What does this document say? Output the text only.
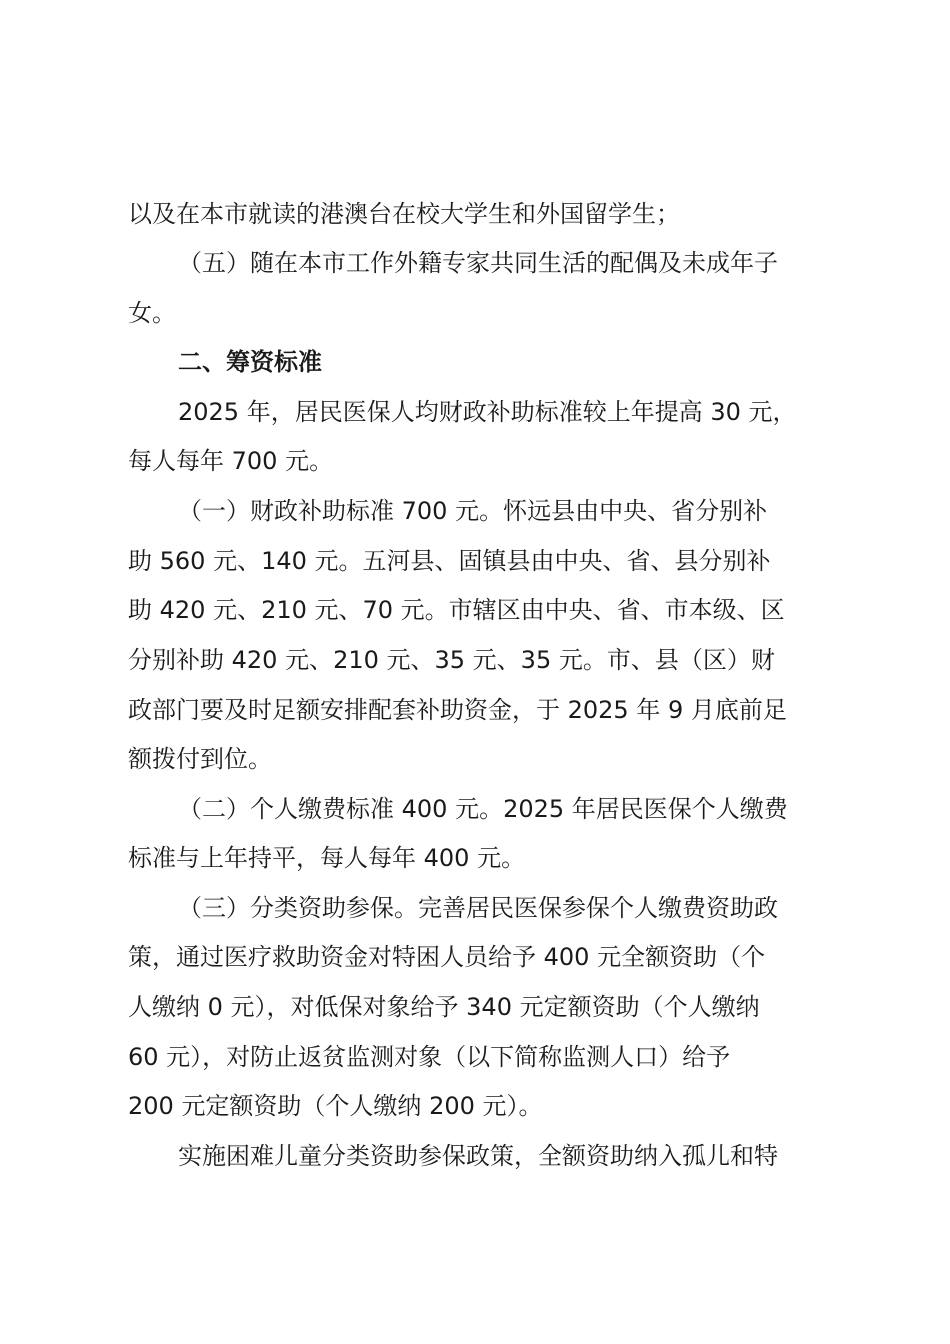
以及在本市就读的港澳台在校大学生和外国留学生；
（五）随在本市工作外籍专家共同生活的配偶及未成年子
女。
二、筹资标准
2025 年，居民医保人均财政补助标准较上年提高 30 元，
每人每年 700 元。
（一）财政补助标准 700 元。怀远县由中央、省分别补
助 560 元、140 元。五河县、固镇县由中央、省、县分别补
助 420 元、210 元、70 元。市辖区由中央、省、市本级、区
分别补助 420 元、210 元、35 元、35 元。市、县（区）财
政部门要及时足额安排配套补助资金，于 2025 年 9 月底前足
额拨付到位。
（二）个人缴费标准 400 元。2025 年居民医保个人缴费
标准与上年持平，每人每年 400 元。
（三）分类资助参保。完善居民医保参保个人缴费资助政
策，通过医疗救助资金对特困人员给予 400 元全额资助（个
人缴纳 0 元），对低保对象给予 340 元定额资助（个人缴纳
60 元），对防止返贫监测对象（以下简称监测人口）给予
200 元定额资助（个人缴纳 200 元）。
实施困难儿童分类资助参保政策，全额资助纳入孤儿和特
